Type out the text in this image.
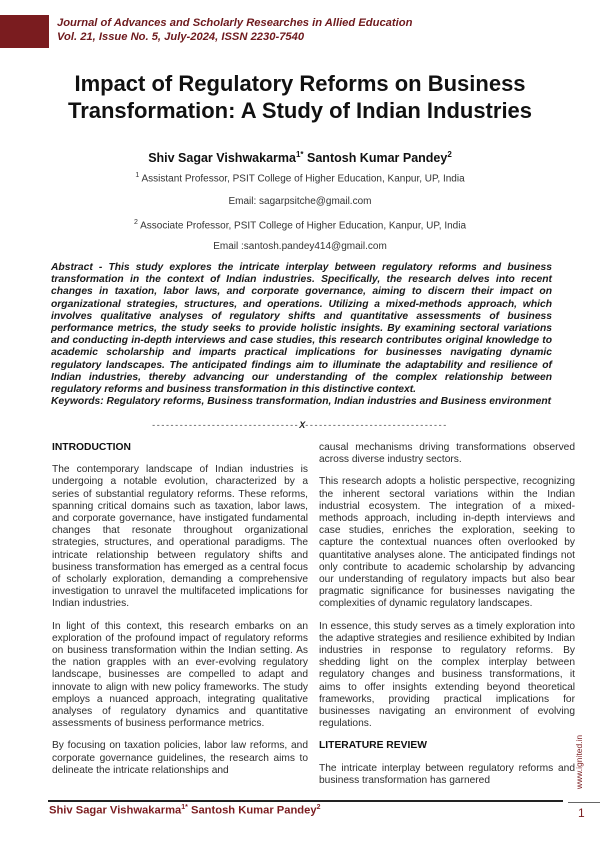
Journal of Advances and Scholarly Researches in Allied Education
Vol. 21, Issue No. 5, July-2024, ISSN 2230-7540
Impact of Regulatory Reforms on Business
Transformation: A Study of Indian Industries
Shiv Sagar Vishwakarma$^{1*}$ Santosh Kumar Pandey$^2$
$^1$ Assistant Professor, PSIT College of Higher Education, Kanpur, UP, India
Email: sagarpsitche@gmail.com
$^2$ Associate Professor, PSIT College of Higher Education, Kanpur, UP, India
Email :santosh.pandey414@gmail.com
Abstract - This study explores the intricate interplay between regulatory reforms and business transformation in the context of Indian industries. Specifically, the research delves into recent changes in taxation, labor laws, and corporate governance, aiming to discern their impact on organizational strategies, structures, and operations. Utilizing a mixed-methods approach, which involves qualitative analyses of regulatory shifts and quantitative assessments of business performance metrics, the study seeks to provide holistic insights. By examining sectoral variations and conducting in-depth interviews and case studies, this research contributes original knowledge to academic scholarship and imparts practical implications for businesses navigating dynamic regulatory landscapes. The anticipated findings aim to illuminate the adaptability and resilience of Indian industries, thereby advancing our understanding of the complex relationship between regulatory reforms and business transformation in this distinctive context.
Keywords: Regulatory reforms, Business transformation, Indian industries and Business environment
--------------------------------X-------------------------------
INTRODUCTION

The contemporary landscape of Indian industries is undergoing a notable evolution, characterized by a series of substantial regulatory reforms. These reforms, spanning critical domains such as taxation, labor laws, and corporate governance, have instigated fundamental changes that resonate throughout organizational strategies, structures, and operational paradigms. The intricate relationship between regulatory shifts and business transformation has emerged as a central focus of scholarly exploration, demanding a comprehensive investigation to unravel the multifaceted implications for Indian industries.

In light of this context, this research embarks on an exploration of the profound impact of regulatory reforms on business transformation within the Indian setting. As the nation grapples with an ever-evolving regulatory landscape, businesses are compelled to adapt and innovate to align with new policy frameworks. The study employs a nuanced approach, integrating qualitative analyses of regulatory dynamics and quantitative assessments of business performance metrics.

By focusing on taxation policies, labor law reforms, and corporate governance guidelines, the research aims to delineate the intricate relationships and

causal mechanisms driving transformations observed across diverse industry sectors.

This research adopts a holistic perspective, recognizing the inherent sectoral variations within the Indian industrial ecosystem. The integration of a mixed-methods approach, including in-depth interviews and case studies, enriches the exploration, seeking to capture the contextual nuances often overlooked by quantitative analyses alone. The anticipated findings not only contribute to academic scholarship by advancing our understanding of regulatory impacts but also bear pragmatic significance for businesses navigating the complexities of dynamic regulatory landscapes.

In essence, this study serves as a timely exploration into the adaptive strategies and resilience exhibited by Indian industries in response to regulatory reforms. By shedding light on the complex interplay between regulatory changes and business transformations, it aims to offer insights extending beyond theoretical frameworks, providing practical implications for businesses navigating an environment of evolving regulations.

LITERATURE REVIEW

The intricate interplay between regulatory reforms and business transformation has garnered	www.ignited.in
Shiv Sagar Vishwakarma$^{1*}$ Santosh Kumar Pandey$^2$	1
